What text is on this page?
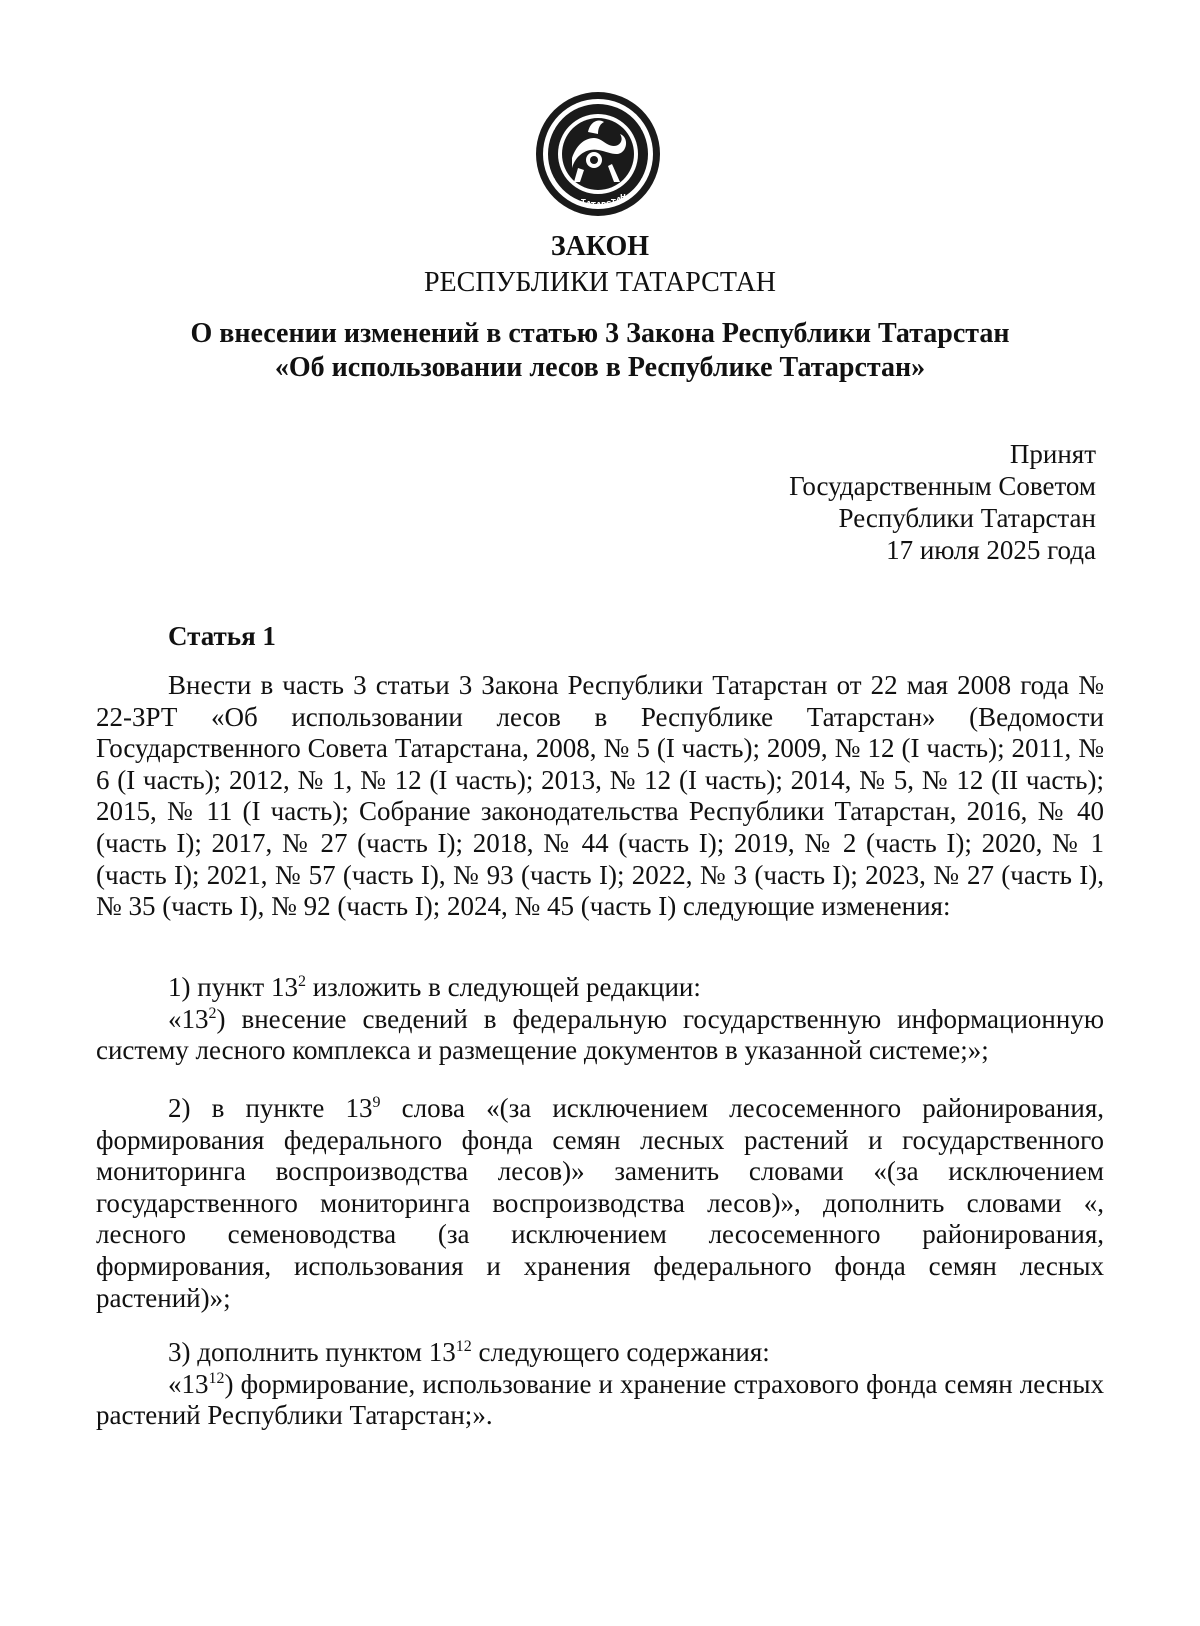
Т А Т А Р С Т А
Н
ЗАКОН
РЕСПУБЛИКИ ТАТАРСТАН
О внесении изменений в статью 3 Закона Республики Татарстан
«Об использовании лесов в Республике Татарстан»
Принят
Государственным Советом
Республики Татарстан
17 июля 2025 года
Статья 1

Внести в часть 3 статьи 3 Закона Республики Татарстан от 22 мая 2008 года № 22-ЗРТ «Об использовании лесов в Республике Татарстан» (Ведомости Государственного Совета Татарстана, 2008, № 5 (I часть); 2009, № 12 (I часть); 2011, № 6 (I часть); 2012, № 1, № 12 (I часть); 2013, № 12 (I часть); 2014, № 5, № 12 (II часть); 2015, № 11 (I часть); Собрание законодательства Республики Татарстан, 2016, № 40 (часть I); 2017, № 27 (часть I); 2018, № 44 (часть I); 2019, № 2 (часть I); 2020, № 1 (часть I); 2021, № 57 (часть I), № 93 (часть I); 2022, № 3 (часть I); 2023, № 27 (часть I), № 35 (часть I), № 92 (часть I); 2024, № 45 (часть I) следующие изменения:

1) пункт $13^2$ изложить в следующей редакции:

«$13^2$) внесение сведений в федеральную государственную информационную систему лесного комплекса и размещение документов в указанной системе;»;

2) в пункте $13^9$ слова «(за исключением лесосеменного районирования, формирования федерального фонда семян лесных растений и государственного мониторинга воспроизводства лесов)» заменить словами «(за исключением государственного мониторинга воспроизводства лесов)», дополнить словами «, лесного семеноводства (за исключением лесосеменного районирования, формирования, использования и хранения федерального фонда семян лесных растений)»;

3) дополнить пунктом $13^{12}$ следующего содержания:

«$13^{12}$) формирование, использование и хранение страхового фонда семян лесных растений Республики Татарстан;».
